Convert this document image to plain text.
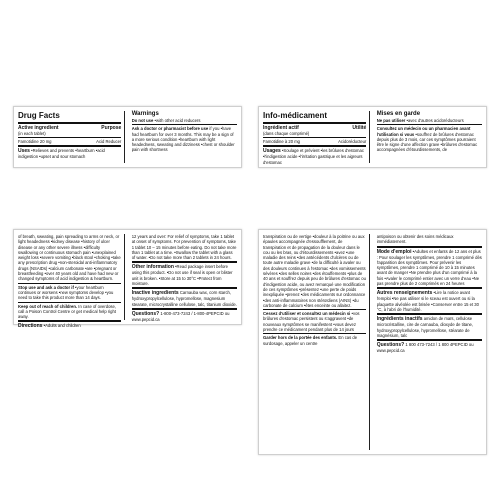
Drug Facts
Active ingredient	Purpose
(in each tablet)
Famotidine 20 mg	Acid Reducer
Uses •Relieves and prevents •heartburn •acid indigestion •upset and sour stomach
Warnings
Do not use •with other acid reducers
Ask a doctor or pharmacist before use if you •have had heartburn for over 3 months. This may be a sign of a more serious condition •heartburn with light headedness, sweating and dizziness •chest or shoulder pain with shortness
Info-médicament
Ingrédient actif	Utilité
(dans chaque comprimé)
Famotidine à 20 mg	Acidoréducteur
Usages •Soulage et prévient •les brûlures d'estomac •l'indigestion acide •l'irritation gastrique et les aigreurs d'estomac
Mises en garde
Ne pas utiliser •avec d'autres acidoréducteurs
Consultez un médecin ou un pharmacien avant l'utilisation si vous •souffrez de brûlures d'estomac depuis plus de 3 mois, car ces symptômes pourraient être le signe d'une affection grave •brûlures d'estomac accompagnées d'étourdissements, de
of breath, sweating, pain spreading to arms or neck, or light headedness •kidney disease •history of ulcer disease or any other severe illness •difficulty swallowing or continuous stomach pain •unexplained weight loss •severe vomiting •black stool •choking •take any prescription drug •non-steroidal anti-inflammatory drugs (NSAIDs) •calcium carbonate •are •pregnant or breastfeeding •over 40 years old and have had new or changed symptoms of acid indigestion & heartburn.
Stop use and ask a doctor if •your heartburn continues or worsens •new symptoms develop •you need to take this product more than 14 days.
Keep out of reach of children. In case of overdose, call a Poison Control Centre or get medical help right away.
Directions •Adults and children
12 years and over: For relief of symptoms, take 1 tablet at onset of symptoms. For prevention of symptoms, take 1 tablet 10 – 15 minutes before eating. Do not take more than 1 tablet at a time. •Swallow the tablet with a glass of water. •Do not take more than 2 tablets in 24 hours.
Other information •Read package insert before using this product. •Do not use if seal is open or blister unit is broken. •Store at 15 to 30°C •Protect from moisture.
Inactive ingredients Carnauba wax, corn starch, hydroxypropylcellulose, hypromellose, magnesium stearate, microcrystalline cellulose, talc, titanium dioxide.
Questions? 1-800-473-7243 / 1-800-4PEPCID ou www.pepcid.ca
transpiration ou de vertige •douleur à la poitrine ou aux épaules accompagnée d'essoufflement, de transpiration et de propagation de la douleur dans le cou ou les bras, ou d'étourdissements •avez •une maladie des reins •des antécédents d'ulcères ou de toute autre maladie grave •de la difficulté à avaler ou des douleurs continues à l'estomac •des vomissements sévères •des selles noires •des étouffements •plus de 40 ans et souffrez depuis peu de brûlures d'estomac ou d'indigestion acide, ou avez remarqué une modification de ces symptômes •présentez •une perte de poids inexpliquée •prenez •des médicaments sur ordonnance •des anti-inflammatoires non stéroïdiens (AINS) •du carbonate de calcium •êtes enceinte ou allaitez.
Cessez d'utiliser et consultez un médecin si •vos brûlures d'estomac persistent ou s'aggravent •de nouveaux symptômes se manifestent •vous devez prendre ce médicament pendant plus de 14 jours
Garder hors de la portée des enfants. En cas de surdosage, appeler un centre
antipoison ou obtenir des soins médicaux immédiatement.
Mode d'emploi •Adultes et enfants de 12 ans et plus : Pour soulager les symptômes, prendre 1 comprimé dès l'apparition des symptômes. Pour prévenir les symptômes, prendre 1 comprimé de 10 à 15 minutes avant de manger •Ne prendre plus d'un comprimé à la fois •Avaler le comprimé entier avec un verre d'eau •Ne pas prendre plus de 2 comprimés en 24 heures
Autres renseignements •Lire la notice avant l'emploi •Ne pas utiliser si le sceau est ouvert ou si la plaquette alvéolée est brisée •Conserver entre 15 et 30 °C, à l'abri de l'humidité.
Ingrédients inactifs amidon de maïs, cellulose microcristalline, cire de carnauba, dioxyde de titane, hydroxypropylcellulose, hypromellose, stéarate de magnésium, talc
Questions? 1 800 473-7243 / 1 800 4PEPCID ou www.pepcid.ca
